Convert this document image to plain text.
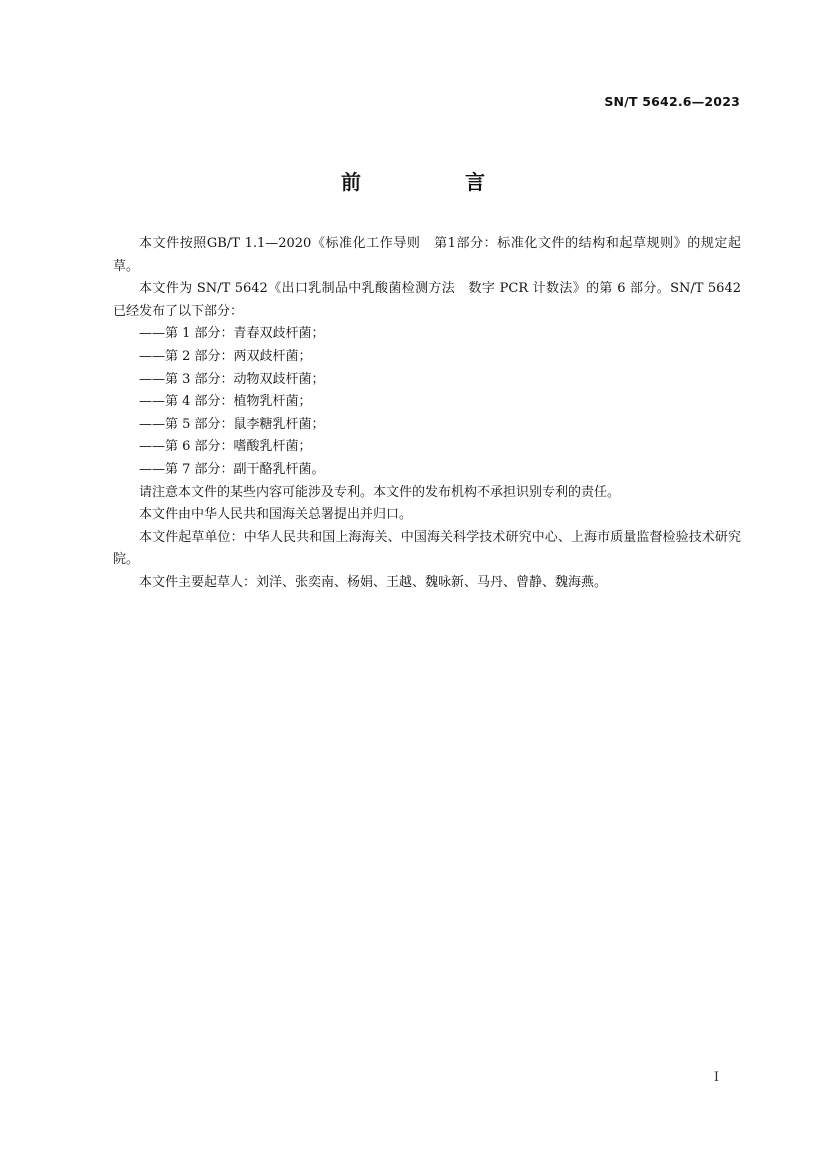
SN/T 5642.6—2023
前　言
本文件按照GB/T 1.1—2020《标准化工作导则　第1部分：标准化文件的结构和起草规则》的规定起草。
本文件为 SN/T 5642《出口乳制品中乳酸菌检测方法　数字 PCR 计数法》的第 6 部分。SN/T 5642 已经发布了以下部分：
——第 1 部分：青春双歧杆菌；
——第 2 部分：两双歧杆菌；
——第 3 部分：动物双歧杆菌；
——第 4 部分：植物乳杆菌；
——第 5 部分：鼠李糖乳杆菌；
——第 6 部分：嗜酸乳杆菌；
——第 7 部分：副干酪乳杆菌。
请注意本文件的某些内容可能涉及专利。本文件的发布机构不承担识别专利的责任。
本文件由中华人民共和国海关总署提出并归口。
本文件起草单位：中华人民共和国上海海关、中国海关科学技术研究中心、上海市质量监督检验技术研究院。
本文件主要起草人：刘洋、张奕南、杨娟、王越、魏咏新、马丹、曾静、魏海燕。
I
